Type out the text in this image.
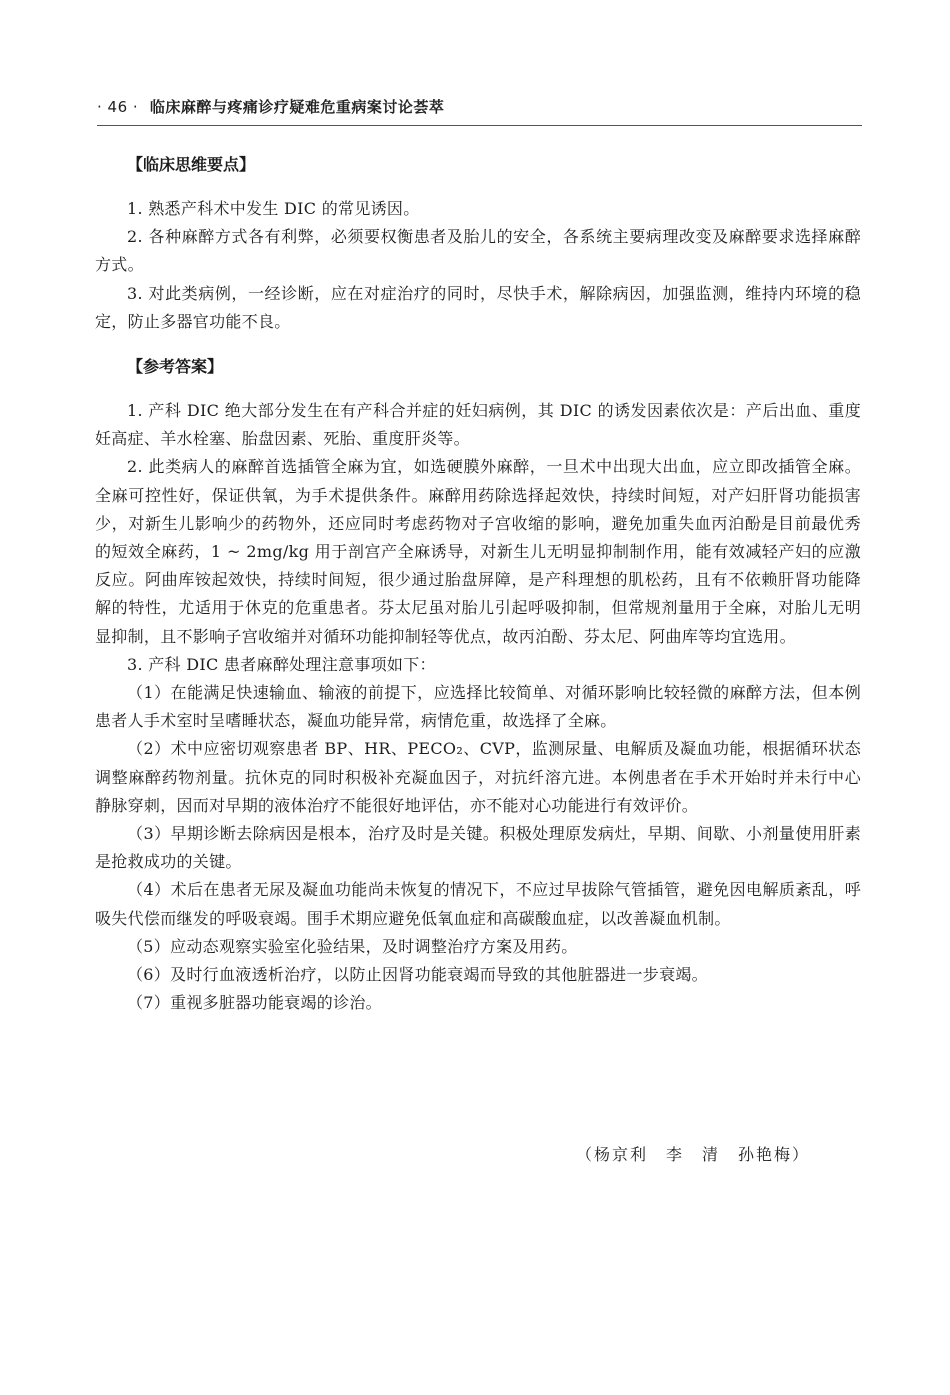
· 46 · 临床麻醉与疼痛诊疗疑难危重病案讨论荟萃
【临床思维要点】

1. 熟悉产科术中发生 DIC 的常见诱因。

2. 各种麻醉方式各有利弊，必须要权衡患者及胎儿的安全，各系统主要病理改变及麻醉要求选择麻醉方式。

3. 对此类病例，一经诊断，应在对症治疗的同时，尽快手术，解除病因，加强监测，维持内环境的稳定，防止多器官功能不良。

【参考答案】

1. 产科 DIC 绝大部分发生在有产科合并症的妊妇病例，其 DIC 的诱发因素依次是：产后出血、重度妊高症、羊水栓塞、胎盘因素、死胎、重度肝炎等。

2. 此类病人的麻醉首选插管全麻为宜，如选硬膜外麻醉，一旦术中出现大出血，应立即改插管全麻。全麻可控性好，保证供氧，为手术提供条件。麻醉用药除选择起效快，持续时间短，对产妇肝肾功能损害少，对新生儿影响少的药物外，还应同时考虑药物对子宫收缩的影响，避免加重失血丙泊酚是目前最优秀的短效全麻药，1 ~ 2mg/kg 用于剖宫产全麻诱导，对新生儿无明显抑制制作用，能有效减轻产妇的应激反应。阿曲库铵起效快，持续时间短，很少通过胎盘屏障，是产科理想的肌松药，且有不依赖肝肾功能降解的特性，尤适用于休克的危重患者。芬太尼虽对胎儿引起呼吸抑制，但常规剂量用于全麻，对胎儿无明显抑制，且不影响子宫收缩并对循环功能抑制轻等优点，故丙泊酚、芬太尼、阿曲库等均宜选用。

3. 产科 DIC 患者麻醉处理注意事项如下：

（1）在能满足快速输血、输液的前提下，应选择比较简单、对循环影响比较轻微的麻醉方法，但本例患者人手术室时呈嗜睡状态，凝血功能异常，病情危重，故选择了全麻。

（2）术中应密切观察患者 BP、HR、PECO₂、CVP，监测尿量、电解质及凝血功能，根据循环状态调整麻醉药物剂量。抗休克的同时积极补充凝血因子，对抗纤溶亢进。本例患者在手术开始时并未行中心静脉穿刺，因而对早期的液体治疗不能很好地评估，亦不能对心功能进行有效评价。

（3）早期诊断去除病因是根本，治疗及时是关键。积极处理原发病灶，早期、间歇、小剂量使用肝素是抢救成功的关键。

（4）术后在患者无尿及凝血功能尚未恢复的情况下，不应过早拔除气管插管，避免因电解质紊乱，呼吸失代偿而继发的呼吸衰竭。围手术期应避免低氧血症和高碳酸血症，以改善凝血机制。

（5）应动态观察实验室化验结果，及时调整治疗方案及用药。

（6）及时行血液透析治疗，以防止因肾功能衰竭而导致的其他脏器进一步衰竭。

（7）重视多脏器功能衰竭的诊治。

（杨京利　李　清　孙艳梅）
